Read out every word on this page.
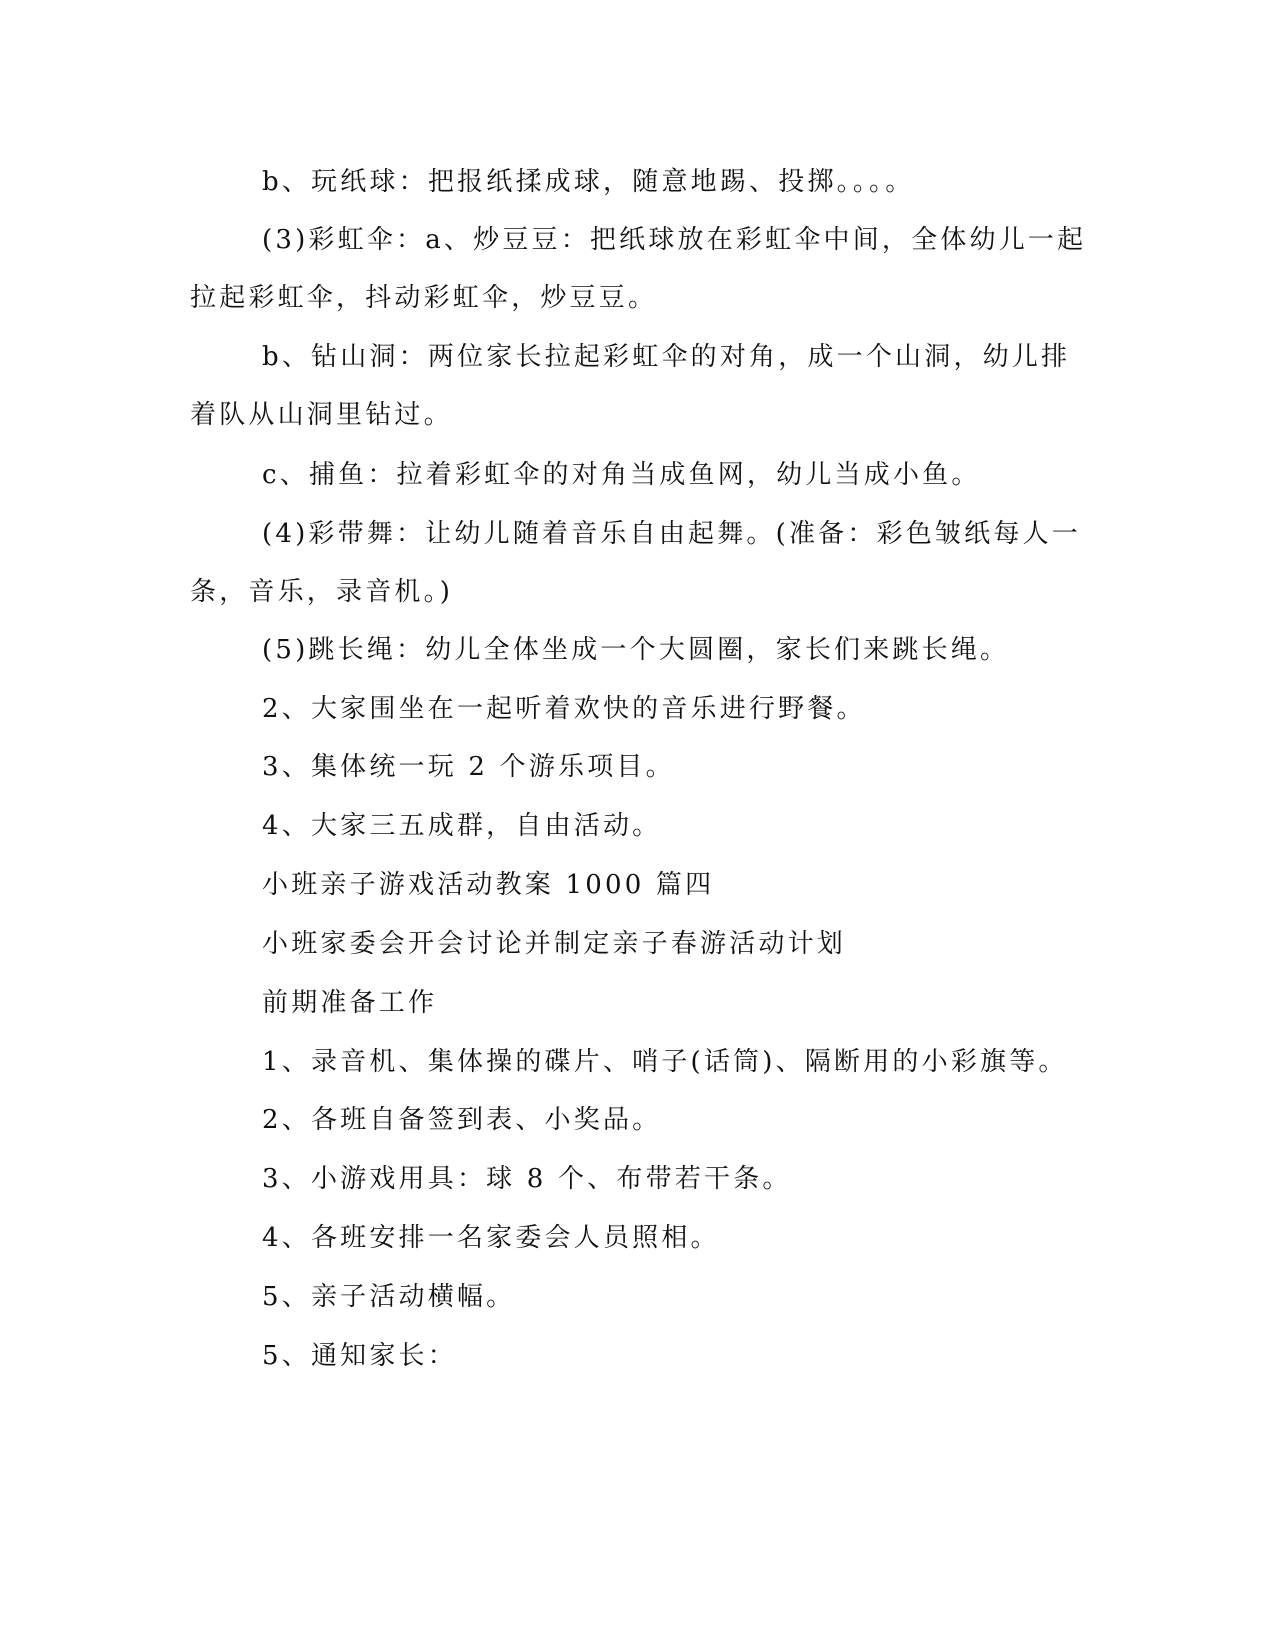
b、玩纸球：把报纸揉成球，随意地踢、投掷。。。。
(3)彩虹伞：a、炒豆豆：把纸球放在彩虹伞中间，全体幼儿一起
拉起彩虹伞，抖动彩虹伞，炒豆豆。
b、钻山洞：两位家长拉起彩虹伞的对角，成一个山洞，幼儿排
着队从山洞里钻过。
c、捕鱼：拉着彩虹伞的对角当成鱼网，幼儿当成小鱼。
(4)彩带舞：让幼儿随着音乐自由起舞。(准备：彩色皱纸每人一
条，音乐，录音机。)
(5)跳长绳：幼儿全体坐成一个大圆圈，家长们来跳长绳。
2、大家围坐在一起听着欢快的音乐进行野餐。
3、集体统一玩 2 个游乐项目。
4、大家三五成群，自由活动。
小班亲子游戏活动教案 1000 篇四
小班家委会开会讨论并制定亲子春游活动计划
前期准备工作
1、录音机、集体操的碟片、哨子(话筒)、隔断用的小彩旗等。
2、各班自备签到表、小奖品。
3、小游戏用具：球 8 个、布带若干条。
4、各班安排一名家委会人员照相。
5、亲子活动横幅。
5、通知家长：
